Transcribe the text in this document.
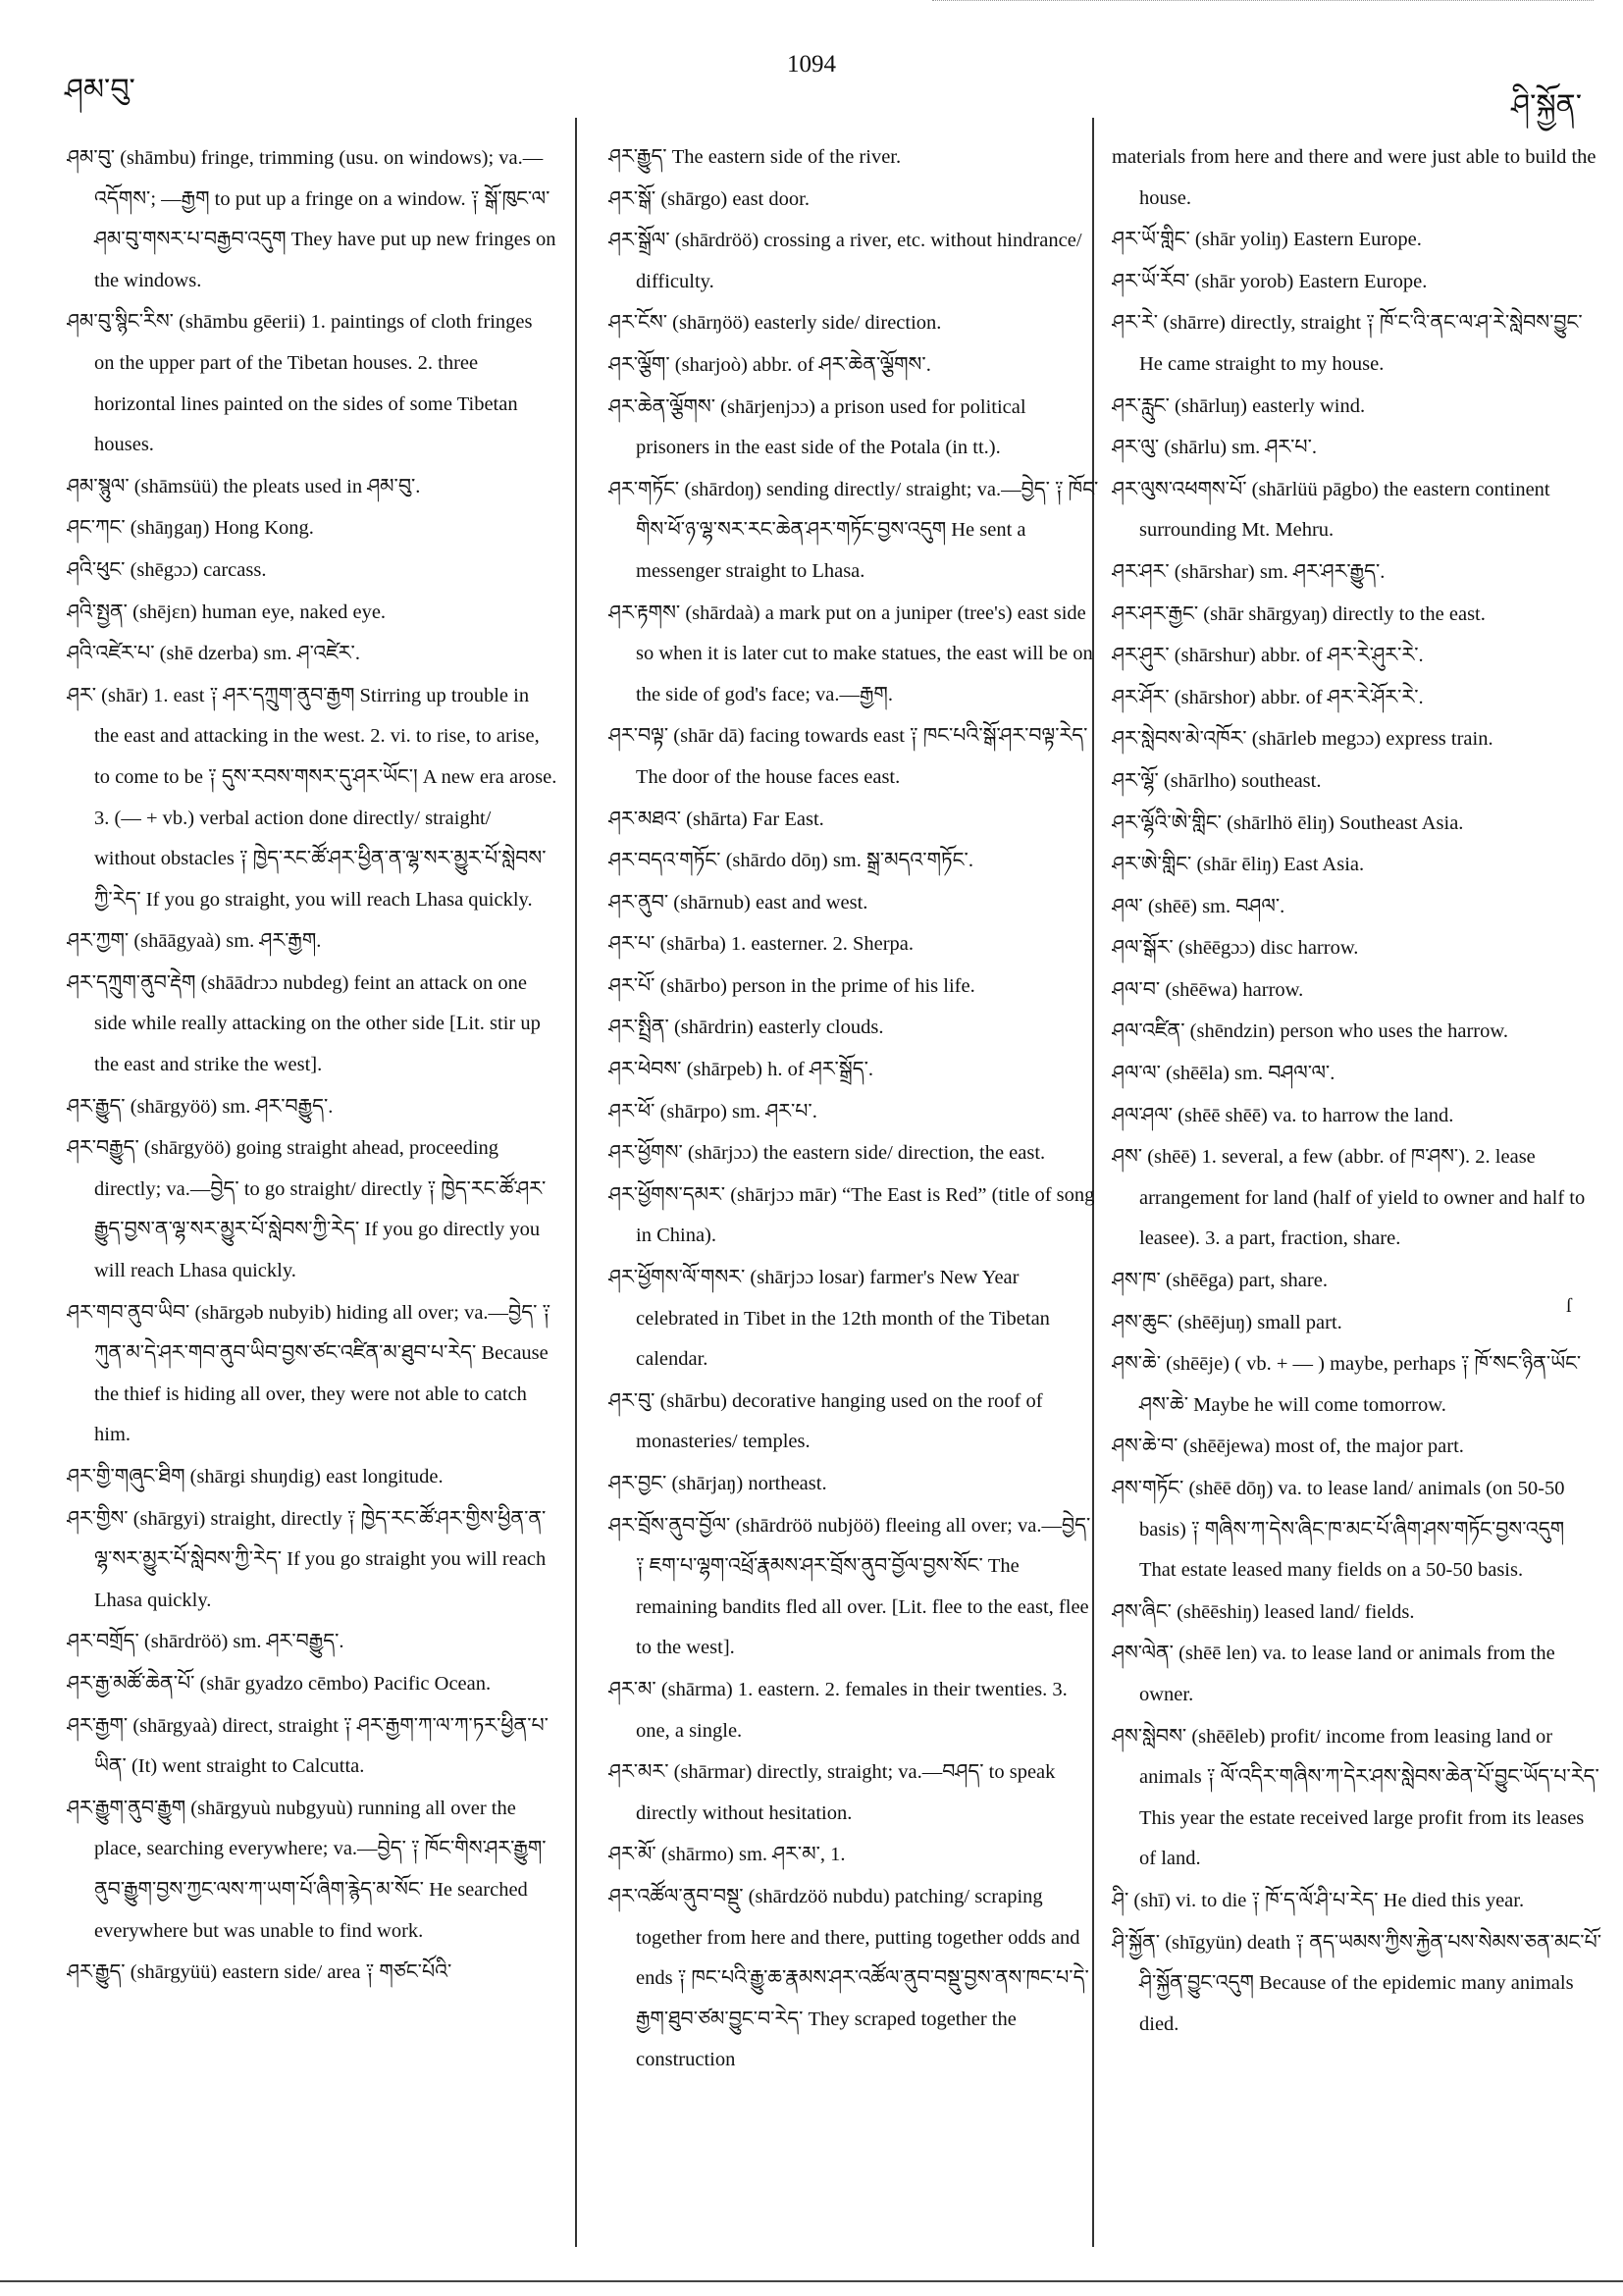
ཤམ་བུ་
1094
ཤི་སྐྱོན་

ཤམ་བུ་ (shāmbu) fringe, trimming (usu. on windows); va.—འདོགས་; —རྒྱག to put up a fringe on a window. ༑ སྒོ་ཁུང་ལ་ཤམ་བུ་གསར་པ་བརྒྱབ་འདུག They have put up new fringes on the windows.

ཤམ་བུ་སྙིང་རིས་ (shāmbu gēerii) 1. paintings of cloth fringes on the upper part of the Tibetan houses. 2. three horizontal lines painted on the sides of some Tibetan houses.

ཤམ་སྙུལ་ (shāmsüü) the pleats used in ཤམ་བུ་.

ཤང་ཀང་ (shāŋgaŋ) Hong Kong.

ཤའི་ཕུང་ (shēgɔɔ) carcass.

ཤའི་སྤྱན་ (shējɛn) human eye, naked eye.

ཤའི་འཛེར་པ་ (shē dzerba) sm. ཤ་འཛེར་.

ཤར་ (shār) 1. east ༑ ཤར་དཀྲུག་ནུབ་རྒྱག Stirring up trouble in the east and attacking in the west. 2. vi. to rise, to arise, to come to be ༑ དུས་རབས་གསར་དུ་ཤར་ཡོང་། A new era arose. 3. (— + vb.) verbal action done directly/ straight/ without obstacles ༑ ཁྱེད་རང་ཚོ་ཤར་ཕྱིན་ན་ལྷ་སར་མྱུར་པོ་སླེབས་ཀྱི་རེད་ If you go straight, you will reach Lhasa quickly.

ཤར་ཀྱག་ (shāāgyaà) sm. ཤར་རྒྱག.

ཤར་དཀྲུག་ནུབ་རྡེག (shāādrɔɔ nubdeg) feint an attack on one side while really attacking on the other side [Lit. stir up the east and strike the west].

ཤར་རྒྱུད་ (shārgyöö) sm. ཤར་བརྒྱུད་.

ཤར་བརྒྱུད་ (shārgyöö) going straight ahead, proceeding directly; va.—བྱེད་ to go straight/ directly ༑ ཁྱེད་རང་ཚོ་ཤར་རྒྱུད་བྱས་ན་ལྷ་སར་མྱུར་པོ་སླེབས་ཀྱི་རེད་ If you go directly you will reach Lhasa quickly.

ཤར་གབ་ནུབ་ཡིབ་ (shārgəb nubyib) hiding all over; va.—བྱེད་ ༑ ཀུན་མ་དེ་ཤར་གབ་ནུབ་ཡིབ་བྱས་ཙང་འཛིན་མ་ཐུབ་པ་རེད་ Because the thief is hiding all over, they were not able to catch him.

ཤར་གྱི་གཞུང་ཐིག (shārgi shuŋdig) east longitude.

ཤར་གྱིས་ (shārgyi) straight, directly ༑ ཁྱེད་རང་ཚོ་ཤར་གྱིས་ཕྱིན་ན་ལྷ་སར་མྱུར་པོ་སླེབས་ཀྱི་རེད་ If you go straight you will reach Lhasa quickly.

ཤར་བགྲོད་ (shārdröö) sm. ཤར་བརྒྱུད་.

ཤར་རྒྱ་མཚོ་ཆེན་པོ་ (shār gyadzo cēmbo) Pacific Ocean.

ཤར་རྒྱག་ (shārgyaà) direct, straight ༑ ཤར་རྒྱག་ཀ་ལ་ཀ་ཏར་ཕྱིན་པ་ཡིན་ (It) went straight to Calcutta.

ཤར་རྒྱུག་ནུབ་རྒྱུག (shārgyuù nubgyuù) running all over the place, searching everywhere; va.—བྱེད་ ༑ ཁོང་གིས་ཤར་རྒྱུག་ནུབ་རྒྱུག་བྱས་ཀྱང་ལས་ཀ་ཡག་པོ་ཞིག་རྙེད་མ་སོང་ He searched everywhere but was unable to find work.

ཤར་རྒྱུད་ (shārgyüü) eastern side/ area ༑ གཙང་པོའི་

ཤར་རྒྱུད་ The eastern side of the river.

ཤར་སྒོ་ (shārgo) east door.

ཤར་སྒྲོལ་ (shārdröö) crossing a river, etc. without hindrance/ difficulty.

ཤར་ངོས་ (shārŋöö) easterly side/ direction.

ཤར་ལྕོག་ (sharjoò) abbr. of ཤར་ཆེན་ལྕོགས་.

ཤར་ཆེན་ལྕོགས་ (shārjenjɔɔ) a prison used for political prisoners in the east side of the Potala (in tt.).

ཤར་གཏོང་ (shārdoŋ) sending directly/ straight; va.—བྱེད་ ༑ ཁོང་གིས་ཕོ་ཉ་ལྷ་སར་རང་ཆེན་ཤར་གཏོང་བྱས་འདུག He sent a messenger straight to Lhasa.

ཤར་རྟགས་ (shārdaà) a mark put on a juniper (tree's) east side so when it is later cut to make statues, the east will be on the side of god's face; va.—རྒྱག.

ཤར་བལྟ་ (shār dā) facing towards east ༑ ཁང་པའི་སྒོ་ཤར་བལྟ་རེད་ The door of the house faces east.

ཤར་མཐའ་ (shārta) Far East.

ཤར་བདའ་གཏོང་ (shārdo dōŋ) sm. སྒྲ་མདའ་གཏོང་.

ཤར་ནུབ་ (shārnub) east and west.

ཤར་པ་ (shārba) 1. easterner. 2. Sherpa.

ཤར་པོ་ (shārbo) person in the prime of his life.

ཤར་སྤྲིན་ (shārdrin) easterly clouds.

ཤར་ཕེབས་ (shārpeb) h. of ཤར་སྒྲོད་.

ཤར་ཕོ་ (shārpo) sm. ཤར་པ་.

ཤར་ཕྱོགས་ (shārjɔɔ) the eastern side/ direction, the east.

ཤར་ཕྱོགས་དམར་ (shārjɔɔ mār) “The East is Red” (title of song in China).

ཤར་ཕྱོགས་ལོ་གསར་ (shārjɔɔ losar) farmer's New Year celebrated in Tibet in the 12th month of the Tibetan calendar.

ཤར་བུ་ (shārbu) decorative hanging used on the roof of monasteries/ temples.

ཤར་བྱང་ (shārjaŋ) northeast.

ཤར་བྲོས་ནུབ་བྱོལ་ (shārdröö nubjöö) fleeing all over; va.—བྱེད་ ༑ ཇག་པ་ལྷག་འཕྲོ་རྣམས་ཤར་བྲོས་ནུབ་བྱོལ་བྱས་སོང་ The remaining bandits fled all over. [Lit. flee to the east, flee to the west].

ཤར་མ་ (shārma) 1. eastern. 2. females in their twenties. 3. one, a single.

ཤར་མར་ (shārmar) directly, straight; va.—བཤད་ to speak directly without hesitation.

ཤར་མོ་ (shārmo) sm. ཤར་མ་, 1.

ཤར་འཚོལ་ནུབ་བསྡུ་ (shārdzöö nubdu) patching/ scraping together from here and there, putting together odds and ends ༑ ཁང་པའི་རྒྱུ་ཆ་རྣམས་ཤར་འཚོལ་ནུབ་བསྡུ་བྱས་ནས་ཁང་པ་དེ་རྒྱག་ཐུབ་ཙམ་བྱུང་བ་རེད་ They scraped together the construction

materials from here and there and were just able to build the house.

ཤར་ཡོ་གླིང་ (shār yoliŋ) Eastern Europe.

ཤར་ཡོ་རོབ་ (shār yorob) Eastern Europe.

ཤར་རེ་ (shārre) directly, straight ༑ ཁོ་ང་འི་ནང་ལ་ཤ་རེ་སླེབས་བྱུང་ He came straight to my house.

ཤར་རླུང་ (shārluŋ) easterly wind.

ཤར་ལུ་ (shārlu) sm. ཤར་པ་.

ཤར་ལུས་འཕགས་པོ་ (shārlüü pāgbo) the eastern continent surrounding Mt. Mehru.

ཤར་ཤར་ (shārshar) sm. ཤར་ཤར་རྒྱུད་.

ཤར་ཤར་རྒྱང་ (shār shārgyaŋ) directly to the east.

ཤར་ཤུར་ (shārshur) abbr. of ཤར་རེ་ཤུར་རེ་.

ཤར་ཤོར་ (shārshor) abbr. of ཤར་རེ་ཤོར་རེ་.

ཤར་སླེབས་མེ་འཁོར་ (shārleb megɔɔ) express train.

ཤར་ལྷོ་ (shārlho) southeast.

ཤར་ལྷོའི་ཨེ་གླིང་ (shārlhö ēliŋ) Southeast Asia.

ཤར་ཨེ་གླིང་ (shār ēliŋ) East Asia.

ཤལ་ (shēē) sm. བཤལ་.

ཤལ་སྒོར་ (shēēgɔɔ) disc harrow.

ཤལ་བ་ (shēēwa) harrow.

ཤལ་འཛིན་ (shēndzin) person who uses the harrow.

ཤལ་ལ་ (shēēla) sm. བཤལ་ལ་.

ཤལ་ཤལ་ (shēē shēē) va. to harrow the land.

ཤས་ (shēē) 1. several, a few (abbr. of ཁ་ཤས་). 2. lease arrangement for land (half of yield to owner and half to leasee). 3. a part, fraction, share.

ཤས་ཁ་ (shēēga) part, share.

ཤས་ཆུང་ (shēējuŋ) small part.

ཤས་ཆེ་ (shēēje) ( vb. + — ) maybe, perhaps ༑ ཁོ་སང་ཉིན་ཡོང་ཤས་ཆེ་ Maybe he will come tomorrow.

ཤས་ཆེ་བ་ (shēējewa) most of, the major part.

ཤས་གཏོང་ (shēē dōŋ) va. to lease land/ animals (on 50-50 basis) ༑ གཞིས་ཀ་དེས་ཞིང་ཁ་མང་པོ་ཞིག་ཤས་གཏོང་བྱས་འདུག That estate leased many fields on a 50-50 basis.

ཤས་ཞིང་ (shēēshiŋ) leased land/ fields.

ཤས་ལེན་ (shēē len) va. to lease land or animals from the owner.

ཤས་སླེབས་ (shēēleb) profit/ income from leasing land or animals ༑ ལོ་འདིར་གཞིས་ཀ་དེར་ཤས་སླེབས་ཆེན་པོ་བྱུང་ཡོད་པ་རེད་ This year the estate received large profit from its leases of land.

ཤི་ (shī) vi. to die ༑ ཁོ་ད་ལོ་ཤི་པ་རེད་ He died this year.

ཤི་སྐྱོན་ (shīgyün) death ༑ ནད་ཡམས་ཀྱིས་རྐྱེན་པས་སེམས་ཅན་མང་པོ་ཤི་སྐྱོན་བྱུང་འདུག Because of the epidemic many animals died.

ſ
